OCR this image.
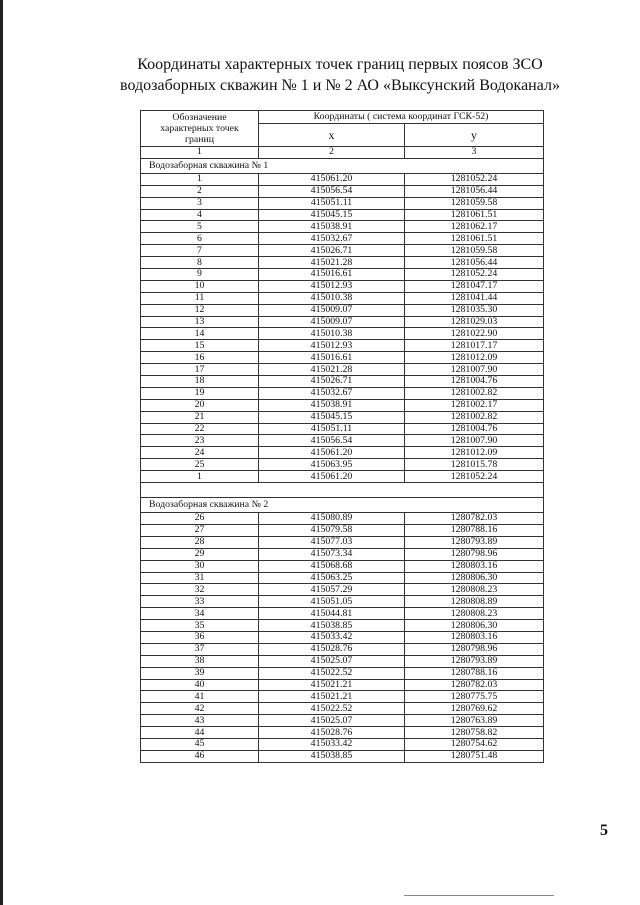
Координаты характерных точек границ первых поясов ЗСО
водозаборных скважин № 1 и № 2 АО «Выксунский Водоканал»
Обозначение характерных точек границ	Координаты ( система координат ГСК-52)	
	x	y
1	2	3
Водозаборная скважина № 1		
1	415061.20	1281052.24
2	415056.54	1281056.44
3	415051.11	1281059.58
4	415045.15	1281061.51
5	415038.91	1281062.17
6	415032.67	1281061.51
7	415026.71	1281059.58
8	415021.28	1281056.44
9	415016.61	1281052.24
10	415012.93	1281047.17
11	415010.38	1281041.44
12	415009.07	1281035.30
13	415009.07	1281029.03
14	415010.38	1281022.90
15	415012.93	1281017.17
16	415016.61	1281012.09
17	415021.28	1281007.90
18	415026.71	1281004.76
19	415032.67	1281002.82
20	415038.91	1281002.17
21	415045.15	1281002.82
22	415051.11	1281004.76
23	415056.54	1281007.90
24	415061.20	1281012.09
25	415063.95	1281015.78
1	415061.20	1281052.24

Водозаборная скважина № 2		
26	415080.89	1280782.03
27	415079.58	1280788.16
28	415077.03	1280793.89
29	415073.34	1280798.96
30	415068.68	1280803.16
31	415063.25	1280806.30
32	415057.29	1280808.23
33	415051.05	1280808.89
34	415044.81	1280808.23
35	415038.85	1280806.30
36	415033.42	1280803.16
37	415028.76	1280798.96
38	415025.07	1280793.89
39	415022.52	1280788.16
40	415021.21	1280782.03
41	415021.21	1280775.75
42	415022.52	1280769.62
43	415025.07	1280763.89
44	415028.76	1280758.82
45	415033.42	1280754.62
46	415038.85	1280751.48
5
